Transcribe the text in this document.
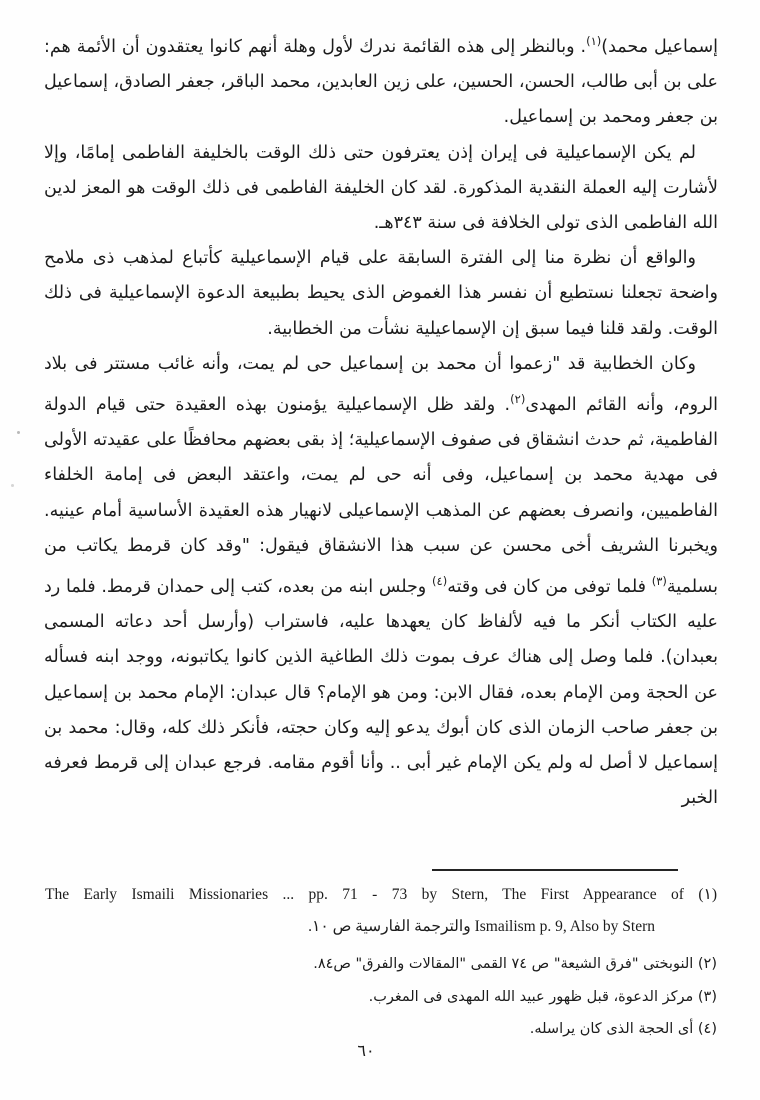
إسماعيل محمد)$^{(١)}$. وبالنظر إلى هذه القائمة ندرك لأول وهلة أنهم كانوا يعتقدون أن الأئمة هم: على بن أبى طالب، الحسن، الحسين، على زين العابدين، محمد الباقر، جعفر الصادق، إسماعيل بن جعفر ومحمد بن إسماعيل.

لم يكن الإسماعيلية فى إيران إذن يعترفون حتى ذلك الوقت بالخليفة الفاطمى إمامًا، وإلا لأشارت إليه العملة النقدية المذكورة. لقد كان الخليفة الفاطمى فى ذلك الوقت هو المعز لدين الله الفاطمى الذى تولى الخلافة فى سنة ٣٤٣هـ.

والواقع أن نظرة منا إلى الفترة السابقة على قيام الإسماعيلية كأتباع لمذهب ذى ملامح واضحة تجعلنا نستطيع أن نفسر هذا الغموض الذى يحيط بطبيعة الدعوة الإسماعيلية فى ذلك الوقت. ولقد قلنا فيما سبق إن الإسماعيلية نشأت من الخطابية.

وكان الخطابية قد "زعموا أن محمد بن إسماعيل حى لم يمت، وأنه غائب مستتر فى بلاد الروم، وأنه القائم المهدى$^{(٢)}$. ولقد ظل الإسماعيلية يؤمنون بهذه العقيدة حتى قيام الدولة الفاطمية، ثم حدث انشقاق فى صفوف الإسماعيلية؛ إذ بقى بعضهم محافظًا على عقيدته الأولى فى مهدية محمد بن إسماعيل، وفى أنه حى لم يمت، واعتقد البعض فى إمامة الخلفاء الفاطميين، وانصرف بعضهم عن المذهب الإسماعيلى لانهيار هذه العقيدة الأساسية أمام عينيه. ويخبرنا الشريف أخى محسن عن سبب هذا الانشقاق فيقول: "وقد كان قرمط يكاتب من بسلمية$^{(٣)}$ فلما توفى من كان فى وقته$^{(٤)}$ وجلس ابنه من بعده، كتب إلى حمدان قرمط. فلما رد عليه الكتاب أنكر ما فيه لألفاظ كان يعهدها عليه، فاستراب (وأرسل أحد دعاته المسمى بعبدان). فلما وصل إلى هناك عرف بموت ذلك الطاغية الذين كانوا يكاتبونه، ووجد ابنه فسأله عن الحجة ومن الإمام بعده، فقال الابن: ومن هو الإمام؟ قال عبدان: الإمام محمد بن إسماعيل بن جعفر صاحب الزمان الذى كان أبوك يدعو إليه وكان حجته، فأنكر ذلك كله، وقال: محمد بن إسماعيل لا أصل له ولم يكن الإمام غير أبى .. وأنا أقوم مقامه. فرجع عبدان إلى قرمط فعرفه الخبر

(١) The Early Ismaili Missionaries ... pp. 71 - 73 by Stern, The First Appearance of
Ismailism p. 9, Also by Stern والترجمة الفارسية ص ١٠.
(٢) النوبختى "فرق الشيعة" ص ٧٤ القمى "المقالات والفرق" ص٨٤.
(٣) مركز الدعوة، قبل ظهور عبيد الله المهدى فى المغرب.
(٤) أى الحجة الذى كان يراسله.
٦٠
